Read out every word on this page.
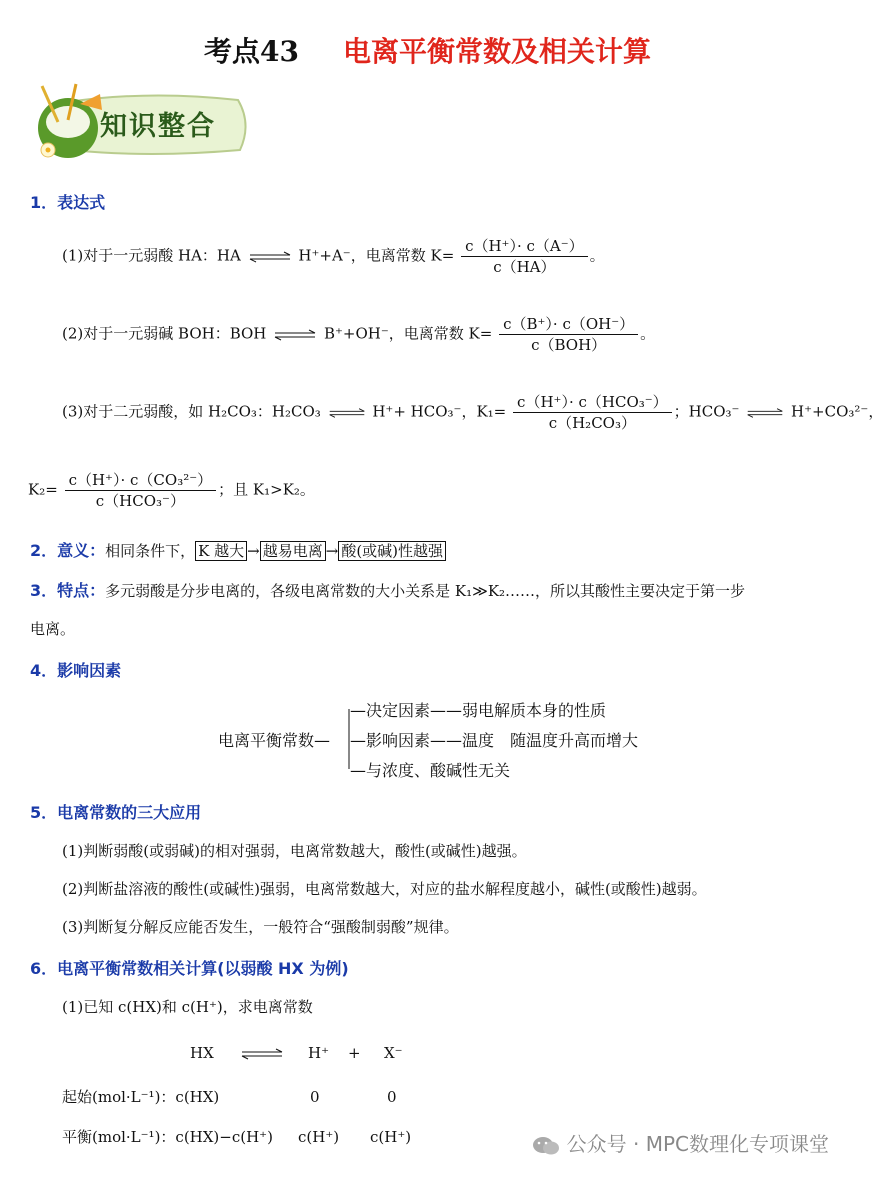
考点43 电离平衡常数及相关计算
知识整合
1．表达式
(1)对于一元弱酸 HA：HA ⇌ H⁺+A⁻，电离常数 $K= \frac{c(H^+)\cdot c(A^-)}{c(HA)}$ 。
(2)对于一元弱碱 BOH：BOH ⇌ B⁺+OH⁻，电离常数 $K= \frac{c(B^+)\cdot c(OH^-)}{\text{c（BOH）}}$ 。
(3)对于二元弱酸，如 H₂CO₃：H₂CO₃ ⇌ H⁺+ HCO₃⁻，$K_1= \frac{\text{c（H⁺）· c（HCO₃⁻）}}{\text{c（H₂CO₃）}}$ ；HCO₃⁻ ⇌ H⁺+CO₃²⁻，
$K_2= \frac{\text{c（H⁺）· c（CO₃²⁻）}}{\text{c（HCO₃⁻）}}$ ；且 K₁>K₂。
2．意义：相同条件下， K 越大 → 越易电离 → 酸(或碱)性越强
3．特点：多元弱酸是分步电离的，各级电离常数的大小关系是 K₁≫K₂……，所以其酸性主要决定于第一步
电离。
4．影响因素
电离平衡常数—
—决定因素——弱电解质本身的性质
—影响因素——温度　随温度升高而增大
—与浓度、酸碱性无关
5．电离常数的三大应用
(1)判断弱酸(或弱碱)的相对强弱，电离常数越大，酸性(或碱性)越强。
(2)判断盐溶液的酸性(或碱性)强弱，电离常数越大，对应的盐水解程度越小，碱性(或酸性)越弱。
(3)判断复分解反应能否发生，一般符合“强酸制弱酸”规律。
6．电离平衡常数相关计算(以弱酸 HX 为例)
(1)已知 c(HX)和 c(H⁺)，求电离常数
HX ⇌ H⁺ + X⁻
起始(mol·L⁻¹)：c(HX)	0	0
平衡(mol·L⁻¹)：c(HX)−c(H⁺) c(H⁺) c(H⁺)	公众号 · MPC数理化专项课堂
